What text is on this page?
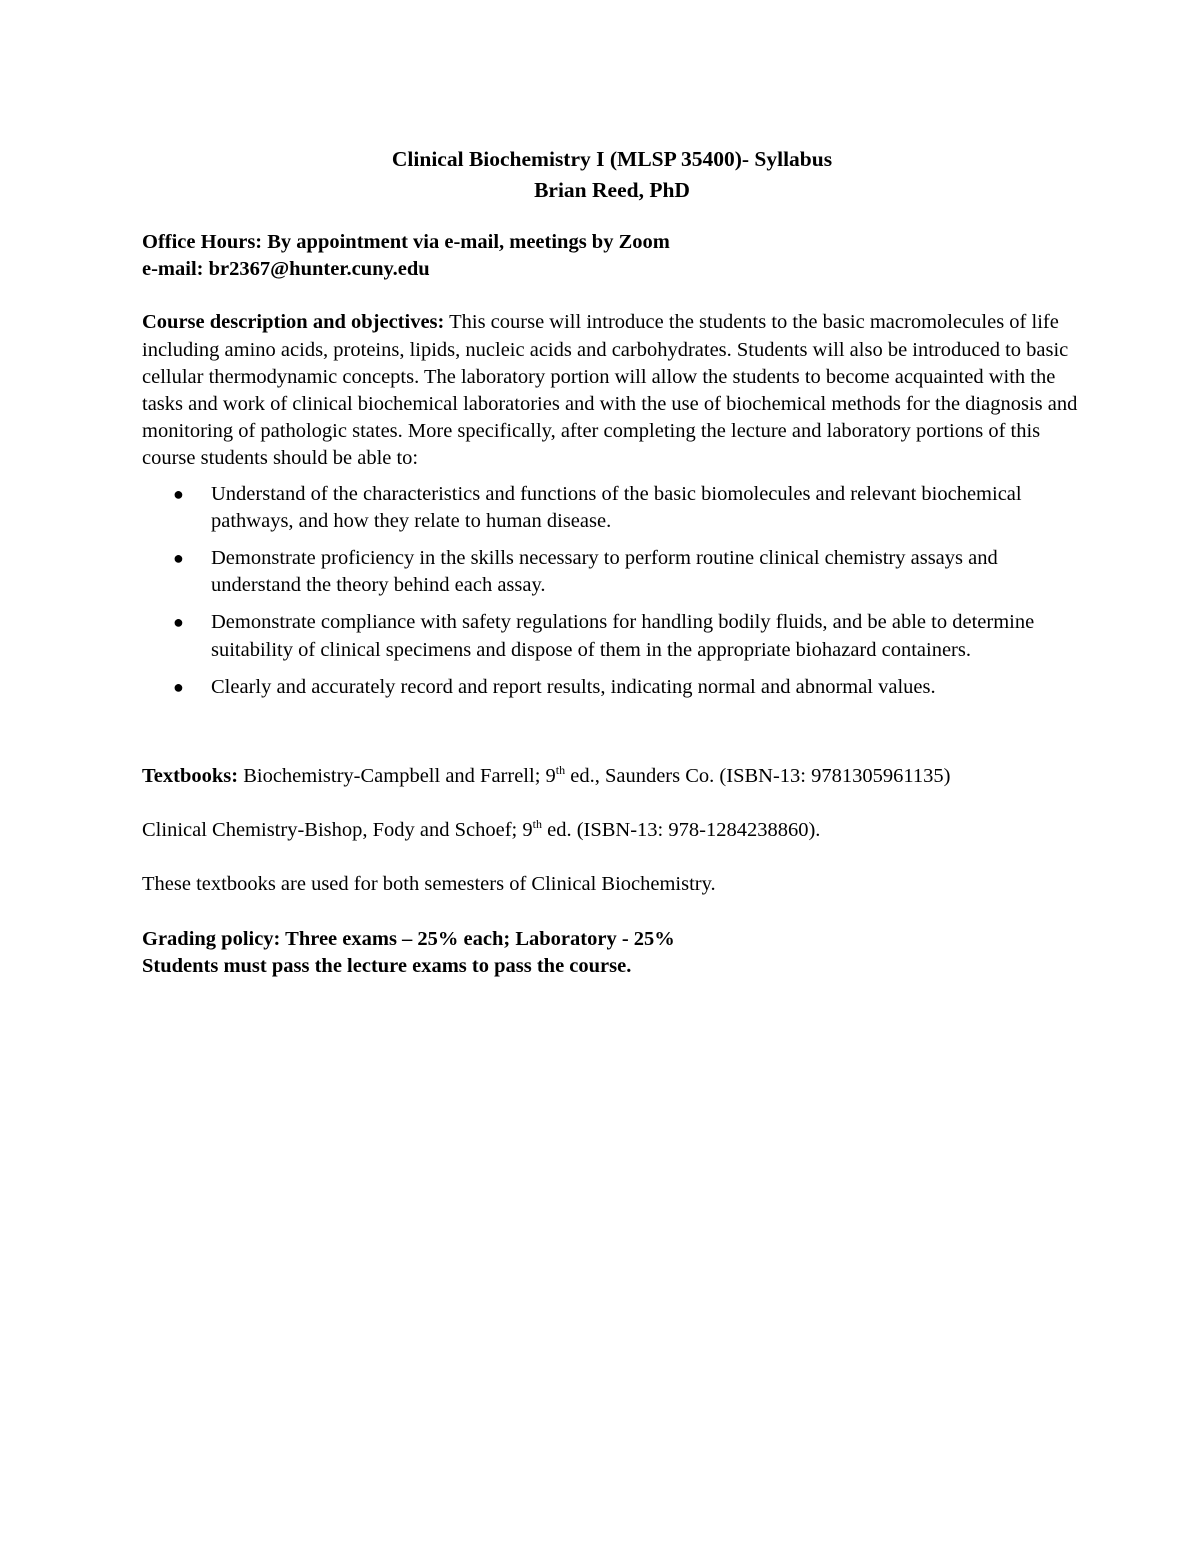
Clinical Biochemistry I (MLSP 35400)- Syllabus
Brian Reed, PhD

Office Hours: By appointment via e-mail, meetings by Zoom

e-mail: br2367@hunter.cuny.edu

Course description and objectives: This course will introduce the students to the basic macromolecules of life including amino acids, proteins, lipids, nucleic acids and carbohydrates. Students will also be introduced to basic cellular thermodynamic concepts. The laboratory portion will allow the students to become acquainted with the tasks and work of clinical biochemical laboratories and with the use of biochemical methods for the diagnosis and monitoring of pathologic states. More specifically, after completing the lecture and laboratory portions of this course students should be able to:

● Understand of the characteristics and functions of the basic biomolecules and relevant biochemical pathways, and how they relate to human disease.
● Demonstrate proficiency in the skills necessary to perform routine clinical chemistry assays and understand the theory behind each assay.
● Demonstrate compliance with safety regulations for handling bodily fluids, and be able to determine suitability of clinical specimens and dispose of them in the appropriate biohazard containers.
● Clearly and accurately record and report results, indicating normal and abnormal values.

Textbooks: Biochemistry-Campbell and Farrell; 9th ed., Saunders Co. (ISBN-13: 9781305961135)

Clinical Chemistry-Bishop, Fody and Schoef; 9th ed. (ISBN-13: 978-1284238860).

These textbooks are used for both semesters of Clinical Biochemistry.

Grading policy: Three exams – 25% each; Laboratory - 25%

Students must pass the lecture exams to pass the course.
